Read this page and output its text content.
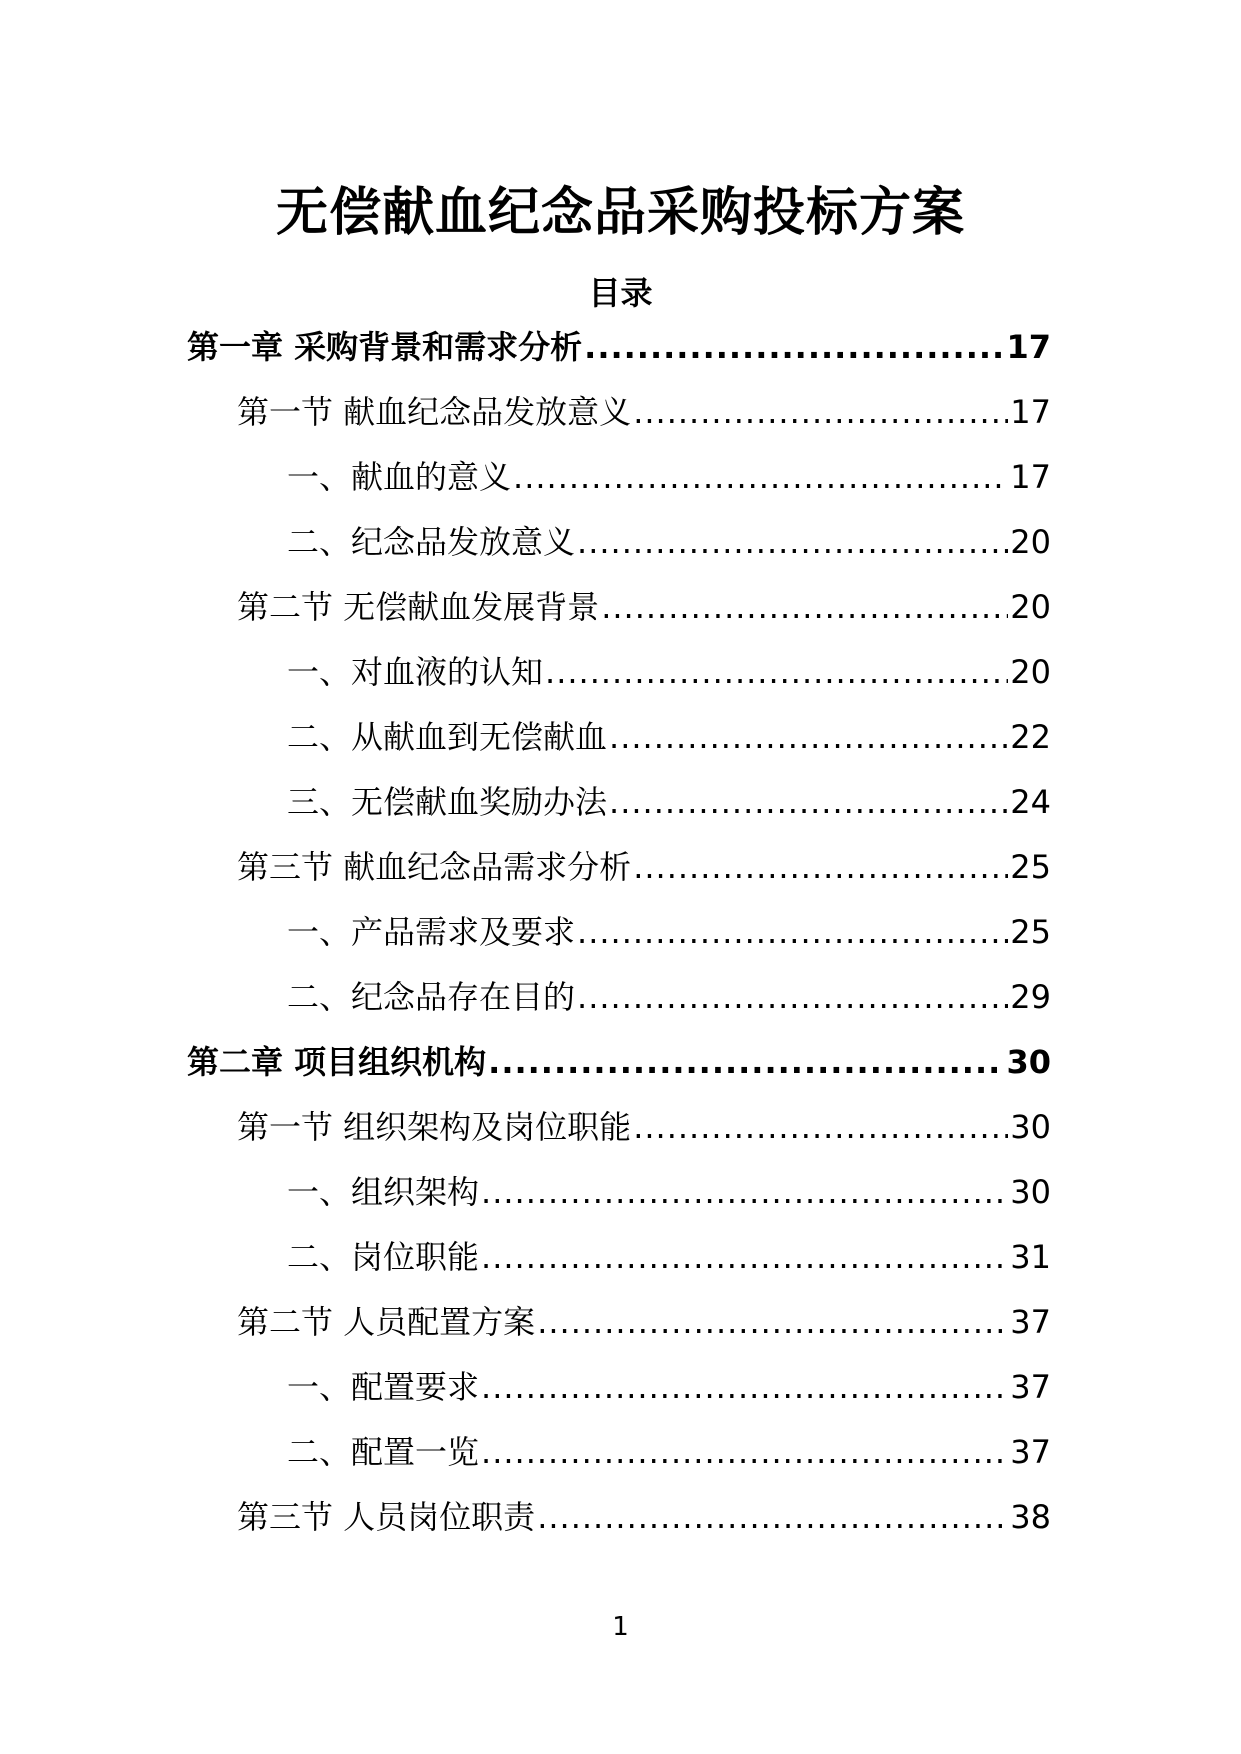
无偿献血纪念品采购投标方案
目录
第一章 采购背景和需求分析 .....	17
第一节 献血纪念品发放意义 .....	17
一、献血的意义 .....	17
二、纪念品发放意义 .....	20
第二节 无偿献血发展背景 .....	20
一、对血液的认知 .....	20
二、从献血到无偿献血 .....	22
三、无偿献血奖励办法 .....	24
第三节 献血纪念品需求分析 .....	25
一、产品需求及要求 .....	25
二、纪念品存在目的 .....	29
第二章 项目组织机构 .....	30
第一节 组织架构及岗位职能 .....	30
一、组织架构 .....	30
二、岗位职能 .....	31
第二节 人员配置方案 .....	37
一、配置要求 .....	37
二、配置一览 .....	37
第三节 人员岗位职责 .....	38
1
